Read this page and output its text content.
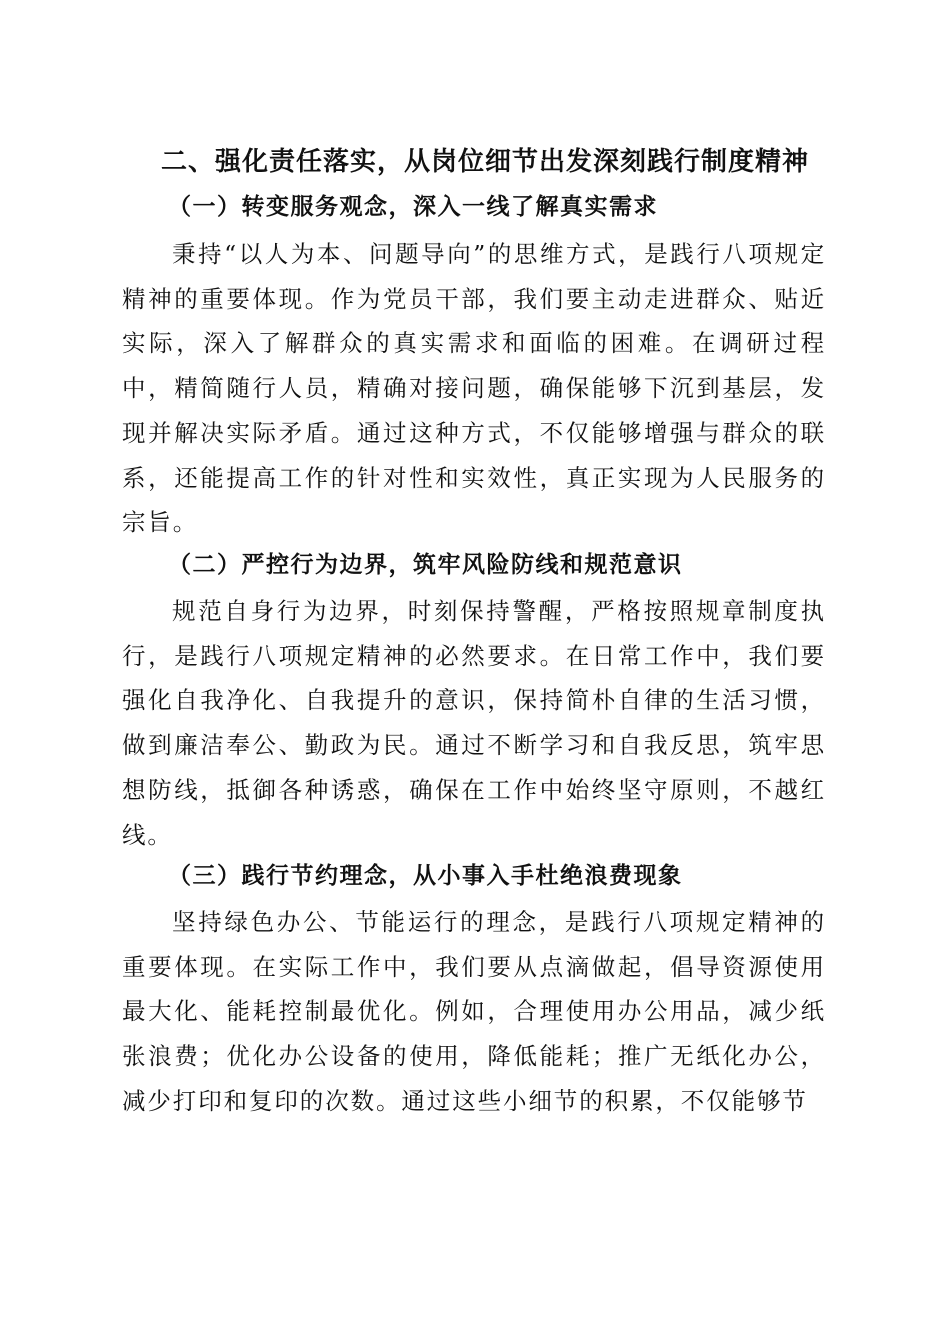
二、强化责任落实，从岗位细节出发深刻践行制度精神
（一）转变服务观念，深入一线了解真实需求

秉持“以人为本、问题导向”的思维方式，是践行八项规定精神的重要体现。作为党员干部，我们要主动走进群众、贴近实际，深入了解群众的真实需求和面临的困难。在调研过程中，精简随行人员，精确对接问题，确保能够下沉到基层，发现并解决实际矛盾。通过这种方式，不仅能够增强与群众的联系，还能提高工作的针对性和实效性，真正实现为人民服务的宗旨。

（二）严控行为边界，筑牢风险防线和规范意识

规范自身行为边界，时刻保持警醒，严格按照规章制度执行，是践行八项规定精神的必然要求。在日常工作中，我们要强化自我净化、自我提升的意识，保持简朴自律的生活习惯，做到廉洁奉公、勤政为民。通过不断学习和自我反思，筑牢思想防线，抵御各种诱惑，确保在工作中始终坚守原则，不越红线。

（三）践行节约理念，从小事入手杜绝浪费现象

坚持绿色办公、节能运行的理念，是践行八项规定精神的重要体现。在实际工作中，我们要从点滴做起，倡导资源使用最大化、能耗控制最优化。例如，合理使用办公用品，减少纸张浪费；优化办公设备的使用，降低能耗；推广无纸化办公，减少打印和复印的次数。通过这些小细节的积累，不仅能够节
